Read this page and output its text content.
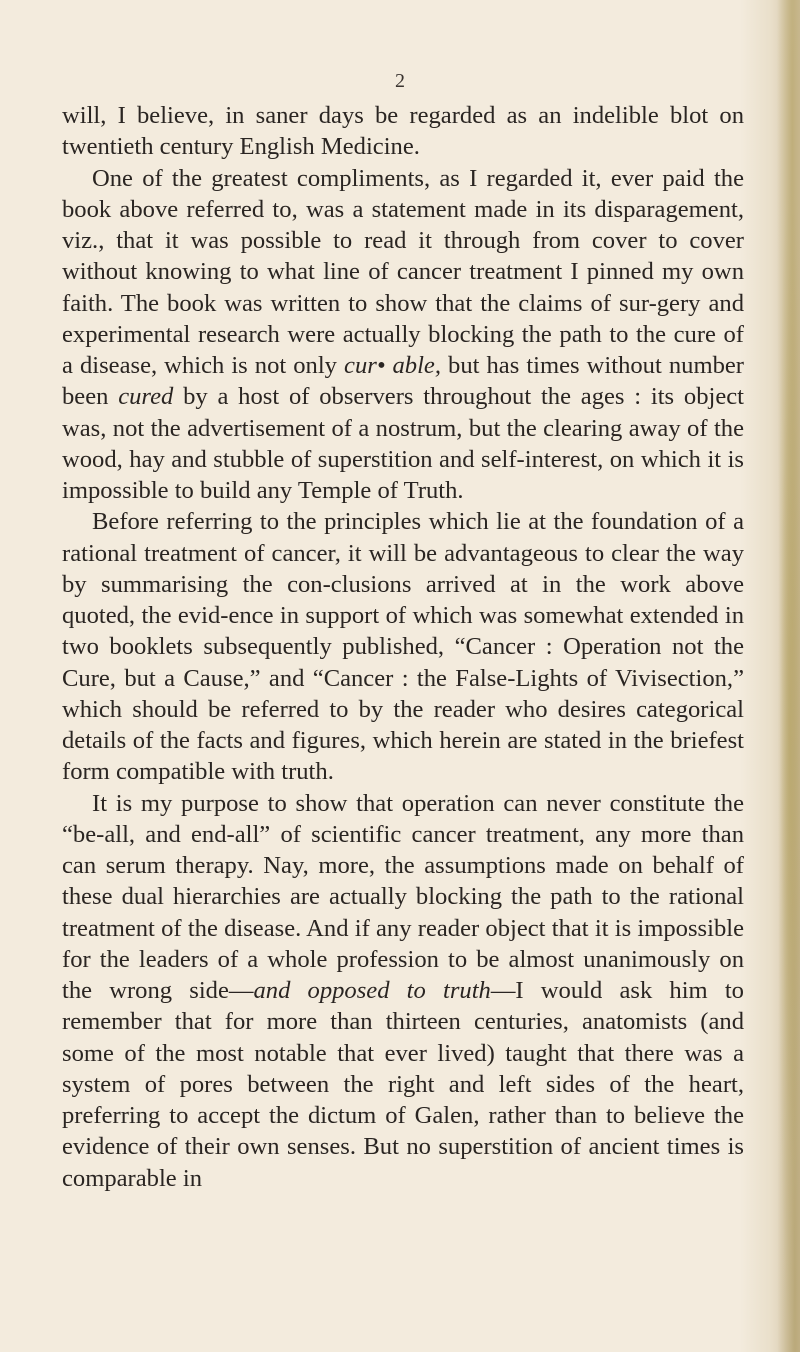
2

will, I believe, in saner days be regarded as an indelible blot on twentieth century English Medicine.

One of the greatest compliments, as I regarded it, ever paid the book above referred to, was a statement made in its disparagement, viz., that it was possible to read it through from cover to cover without knowing to what line of cancer treatment I pinned my own faith. The book was written to show that the claims of sur-gery and experimental research were actually blocking the path to the cure of a disease, which is not only cur• able, but has times without number been cured by a host of observers throughout the ages : its object was, not the advertisement of a nostrum, but the clearing away of the wood, hay and stubble of superstition and self-interest, on which it is impossible to build any Temple of Truth.

Before referring to the principles which lie at the foundation of a rational treatment of cancer, it will be advantageous to clear the way by summarising the con-clusions arrived at in the work above quoted, the evid-ence in support of which was somewhat extended in two booklets subsequently published, “Cancer : Operation not the Cure, but a Cause,” and “Cancer : the False-Lights of Vivisection,” which should be referred to by the reader who desires categorical details of the facts and figures, which herein are stated in the briefest form compatible with truth.

It is my purpose to show that operation can never constitute the “be-all, and end-all” of scientific cancer treatment, any more than can serum therapy. Nay, more, the assumptions made on behalf of these dual hierarchies are actually blocking the path to the rational treatment of the disease. And if any reader object that it is impossible for the leaders of a whole profession to be almost unanimously on the wrong side—and opposed to truth—I would ask him to remember that for more than thirteen centuries, anatomists (and some of the most notable that ever lived) taught that there was a system of pores between the right and left sides of the heart, preferring to accept the dictum of Galen, rather than to believe the evidence of their own senses. But no superstition of ancient times is comparable in
